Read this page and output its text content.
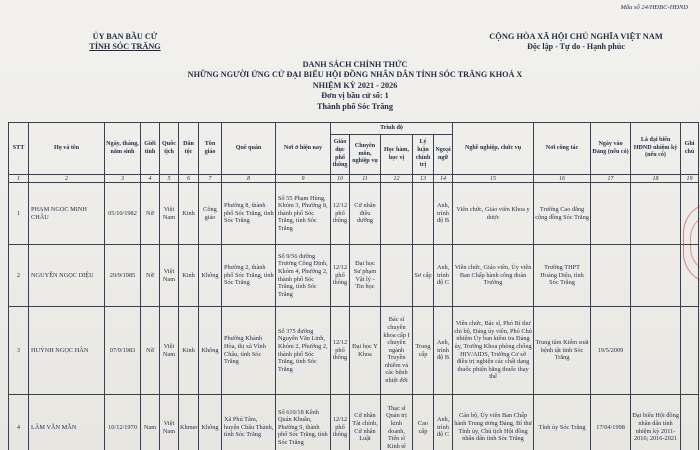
Mẫu số 24/HĐBC-HĐND
ỦY BAN BẦU CỬ
TỈNH SÓC TRĂNG
CỘNG HÒA XÃ HỘI CHỦ NGHĨA VIỆT NAM
Độc lập - Tự do - Hạnh phúc
DANH SÁCH CHÍNH THỨC
NHỮNG NGƯỜI ỨNG CỬ ĐẠI BIỂU HỘI ĐỒNG NHÂN DÂN TỈNH SÓC TRĂNG KHOÁ X
NHIỆM KỲ 2021 - 2026
Đơn vị bầu cử số: 1
Thành phố Sóc Trăng
STT	Họ và tên	Ngày, tháng, năm sinh	Giới tính	Quốc tịch	Dân tộc	Tôn giáo	Quê quán	Nơi ở hiện nay	Trình độ					Nghề nghiệp, chức vụ	Nơi công tác	Ngày vào Đảng (nếu có)	Là đại biểu HĐND nhiệm kỳ (nếu có)	Ghi chú
									Giáo dục phổ thông	Chuyên môn, nghiệp vụ	Học hàm, học vị	Lý luận chính trị	Ngoại ngữ					
1	2	3	4	5	6	7	8	9	10	11	12	13	14	15	16	17	18	19
1	PHẠM NGỌC MINH CHÂU	05/10/1982	Nữ	Việt Nam	Kinh	Công giáo	Phường 8, thành phố Sóc Trăng, tỉnh Sóc Trăng	Số 55 Phạm Hùng, Khóm 3, Phường 8, thành phố Sóc Trăng, tỉnh Sóc Trăng	12/12 phổ thông	Cử nhân điều dưỡng			Anh, trình độ B	Viên chức, Giáo viên Khoa y dược	Trường Cao đẳng cộng đồng Sóc Trăng			
2	NGUYỄN NGỌC DIỆU	20/9/1985	Nữ	Việt Nam	Kinh	Không	Phường 2, thành phố Sóc Trăng, tỉnh Sóc Trăng	Số 9/56 đường Trương Công Định, Khóm 4, Phường 2, thành phố Sóc Trăng, tỉnh Sóc Trăng	12/12 phổ thông	Đại học Sư phạm Vật lý - Tin học		Sơ cấp	Anh, trình độ C	Viên chức, Giáo viên, Ủy viên Ban Chấp hành công đoàn Trường	Trường THPT Hoàng Diệu, tỉnh Sóc Trăng			
3	HUỲNH NGỌC HÂN	07/9/1983	Nữ	Việt Nam	Kinh	Không	Phường Khánh Hòa, thị xã Vĩnh Châu, tỉnh Sóc Trăng	Số 375 đường Nguyễn Văn Linh, Khóm 2, Phường 2, thành phố Sóc Trăng, tỉnh Sóc Trăng	12/12 phổ thông	Đại học Y Khoa	Bác sĩ chuyên khoa cấp I chuyên ngành Truyền nhiễm và các bệnh nhiệt đới	Trung cấp	Anh, trình độ B	Viên chức, Bác sĩ, Phó Bí thư chi bộ, Đảng ủy viên, Phó Chủ nhiệm Ủy ban kiểm tra Đảng ủy, Trưởng Khoa phòng chống HIV/AIDS, Trưởng Cơ sở điều trị nghiện các chất dạng thuốc phiện bằng thuốc thay thế	Trung tâm Kiểm soát bệnh tật tỉnh Sóc Trăng	19/5/2009		
4	LÂM VĂN MẪN	10/12/1970	Nam	Việt Nam	Khmer	Không	Xã Phú Tâm, huyện Châu Thành, tỉnh Sóc Trăng	Số 610/18 Kênh Quản Khuân, Phường 9, thành phố Sóc Trăng, tỉnh Sóc Trăng	12/12 phổ thông	Cử nhân Tài chính, Cử nhân Luật	Thạc sĩ Quản trị kinh doanh, Tiến sĩ Kinh tế	Cao cấp	Anh, trình độ C	Cán bộ, Ủy viên Ban Chấp hành Trung ương Đảng, Bí thư Tỉnh ủy, Chủ tịch Hội đồng nhân dân tỉnh Sóc Trăng	Tỉnh ủy Sóc Trăng	17/04/1998	Đại biểu Hội đồng nhân dân tỉnh nhiệm kỳ 2011-2016; 2016-2021	
